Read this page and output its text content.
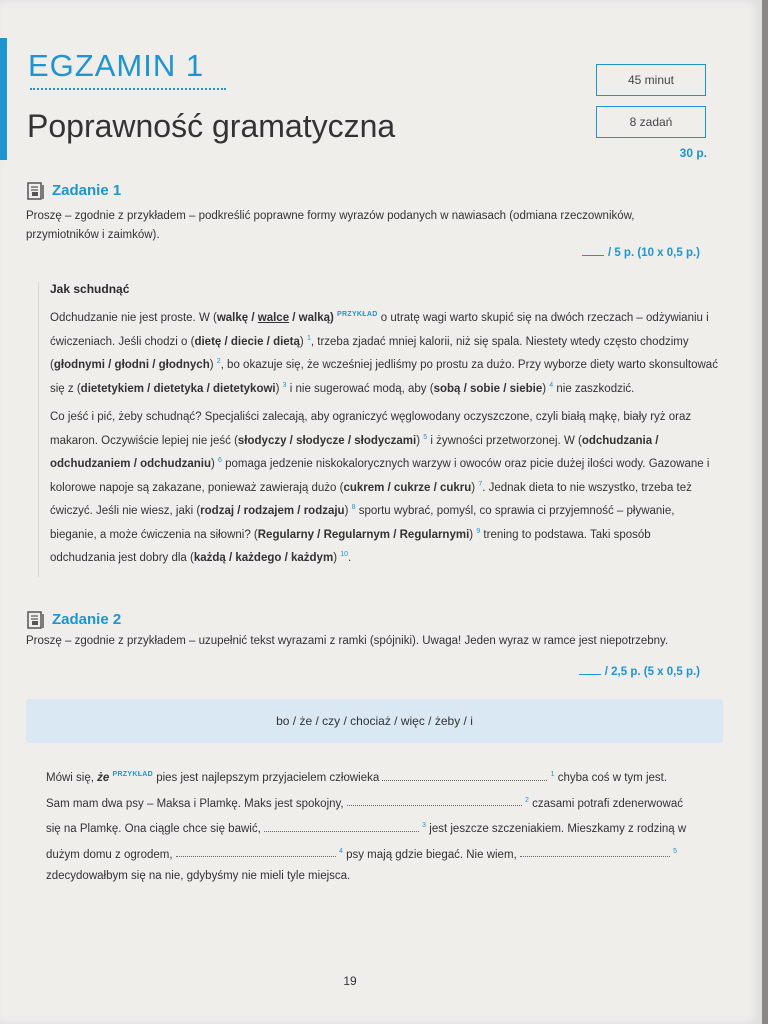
EGZAMIN 1
Poprawność gramatyczna
45 minut
8 zadań
30 p.
Zadanie 1

Proszę – zgodnie z przykładem – podkreślić poprawne formy wyrazów podanych w nawiasach (odmiana rzeczowników, przymiotników i zaimków).

/ 5 p. (10 x 0,5 p.)

Jak schudnąć

Odchudzanie nie jest proste. W (walkę / walce / walką) $^{PRZYKŁAD}$ o utratę wagi warto skupić się na dwóch rzeczach – odżywianiu i ćwiczeniach. Jeśli chodzi o (dietę / diecie / dietą) $^1$, trzeba zjadać mniej kalorii, niż się spala. Niestety wtedy często chodzimy (głodnymi / głodni / głodnych) $^2$, bo okazuje się, że wcześniej jedliśmy po prostu za dużo. Przy wyborze diety warto skonsultować się z (dietetykiem / dietetyka / dietetykowi) $^3$ i nie sugerować modą, aby (sobą / sobie / siebie) $^4$ nie zaszkodzić.

Co jeść i pić, żeby schudnąć? Specjaliści zalecają, aby ograniczyć węglowodany oczyszczone, czyli białą mąkę, biały ryż oraz makaron. Oczywiście lepiej nie jeść (słodyczy / słodycze / słodyczami) $^5$ i żywności przetworzonej. W (odchudzania / odchudzaniem / odchudzaniu) $^6$ pomaga jedzenie niskokalorycznych warzyw i owoców oraz picie dużej ilości wody. Gazowane i kolorowe napoje są zakazane, ponieważ zawierają dużo (cukrem / cukrze / cukru) $^7$. Jednak dieta to nie wszystko, trzeba też ćwiczyć. Jeśli nie wiesz, jaki (rodzaj / rodzajem / rodzaju) $^8$ sportu wybrać, pomyśl, co sprawia ci przyjemność – pływanie, bieganie, a może ćwiczenia na siłowni? (Regularny / Regularnym / Regularnymi) $^9$ trening to podstawa. Taki sposób odchudzania jest dobry dla (każdą / każdego / każdym) $^{10}$.

Zadanie 2

Proszę – zgodnie z przykładem – uzupełnić tekst wyrazami z ramki (spójniki). Uwaga! Jeden wyraz w ramce jest niepotrzebny.

/ 2,5 p. (5 x 0,5 p.)
bo / że / czy / chociaż / więc / żeby / i
Mówi się, że $^{PRZYKŁAD}$ pies jest najlepszym przyjacielem człowieka	$^1$ chyba coś w tym jest. Sam mam dwa psy – Maksa i Plamkę. Maks jest spokojny,	$^2$ czasami potrafi zdenerwować się na Plamkę. Ona ciągle chce się bawić,	$^3$ jest jeszcze szczeniakiem. Mieszkamy z rodziną w dużym domu z ogrodem,	$^4$ psy mają gdzie biegać. Nie wiem,	$^5$ zdecydowałbym się na nie, gdybyśmy nie mieli tyle miejsca.
19
